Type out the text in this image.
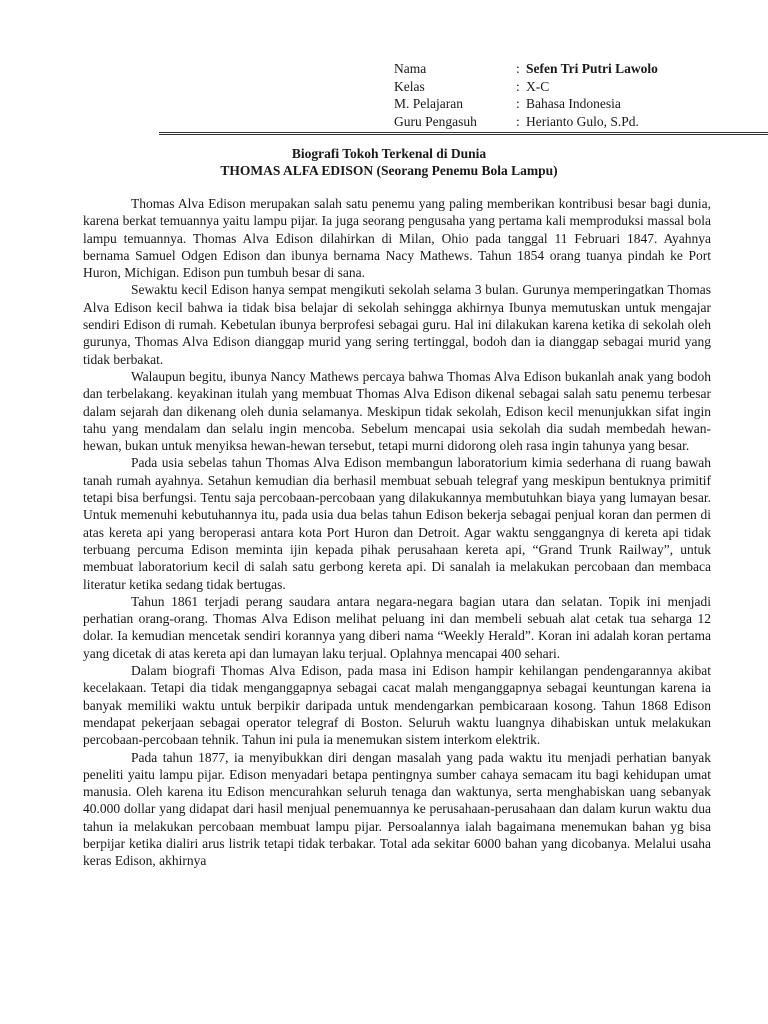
Nama	: Sefen Tri Putri Lawolo
Kelas	: X-C
M. Pelajaran	: Bahasa Indonesia
Guru Pengasuh	: Herianto Gulo, S.Pd.
Biografi Tokoh Terkenal di Dunia
THOMAS ALFA EDISON (Seorang Penemu Bola Lampu)

Thomas Alva Edison merupakan salah satu penemu yang paling memberikan kontribusi besar bagi dunia, karena berkat temuannya yaitu lampu pijar. Ia juga seorang pengusaha yang pertama kali memproduksi massal bola lampu temuannya. Thomas Alva Edison dilahirkan di Milan, Ohio pada tanggal 11 Februari 1847. Ayahnya bernama Samuel Odgen Edison dan ibunya bernama Nacy Mathews. Tahun 1854 orang tuanya pindah ke Port Huron, Michigan. Edison pun tumbuh besar di sana.

Sewaktu kecil Edison hanya sempat mengikuti sekolah selama 3 bulan. Gurunya memperingatkan Thomas Alva Edison kecil bahwa ia tidak bisa belajar di sekolah sehingga akhirnya Ibunya memutuskan untuk mengajar sendiri Edison di rumah. Kebetulan ibunya berprofesi sebagai guru. Hal ini dilakukan karena ketika di sekolah oleh gurunya, Thomas Alva Edison dianggap murid yang sering tertinggal, bodoh dan ia dianggap sebagai murid yang tidak berbakat.

Walaupun begitu, ibunya Nancy Mathews percaya bahwa Thomas Alva Edison bukanlah anak yang bodoh dan terbelakang. keyakinan itulah yang membuat Thomas Alva Edison dikenal sebagai salah satu penemu terbesar dalam sejarah dan dikenang oleh dunia selamanya. Meskipun tidak sekolah, Edison kecil menunjukkan sifat ingin tahu yang mendalam dan selalu ingin mencoba. Sebelum mencapai usia sekolah dia sudah membedah hewan-hewan, bukan untuk menyiksa hewan-hewan tersebut, tetapi murni didorong oleh rasa ingin tahunya yang besar.

Pada usia sebelas tahun Thomas Alva Edison membangun laboratorium kimia sederhana di ruang bawah tanah rumah ayahnya. Setahun kemudian dia berhasil membuat sebuah telegraf yang meskipun bentuknya primitif tetapi bisa berfungsi. Tentu saja percobaan-percobaan yang dilakukannya membutuhkan biaya yang lumayan besar. Untuk memenuhi kebutuhannya itu, pada usia dua belas tahun Edison bekerja sebagai penjual koran dan permen di atas kereta api yang beroperasi antara kota Port Huron dan Detroit. Agar waktu senggangnya di kereta api tidak terbuang percuma Edison meminta ijin kepada pihak perusahaan kereta api, “Grand Trunk Railway”, untuk membuat laboratorium kecil di salah satu gerbong kereta api. Di sanalah ia melakukan percobaan dan membaca literatur ketika sedang tidak bertugas.

Tahun 1861 terjadi perang saudara antara negara-negara bagian utara dan selatan. Topik ini menjadi perhatian orang-orang. Thomas Alva Edison melihat peluang ini dan membeli sebuah alat cetak tua seharga 12 dolar. Ia kemudian mencetak sendiri korannya yang diberi nama “Weekly Herald”. Koran ini adalah koran pertama yang dicetak di atas kereta api dan lumayan laku terjual. Oplahnya mencapai 400 sehari.

Dalam biografi Thomas Alva Edison, pada masa ini Edison hampir kehilangan pendengarannya akibat kecelakaan. Tetapi dia tidak menganggapnya sebagai cacat malah menganggapnya sebagai keuntungan karena ia banyak memiliki waktu untuk berpikir daripada untuk mendengarkan pembicaraan kosong. Tahun 1868 Edison mendapat pekerjaan sebagai operator telegraf di Boston. Seluruh waktu luangnya dihabiskan untuk melakukan percobaan-percobaan tehnik. Tahun ini pula ia menemukan sistem interkom elektrik.

Pada tahun 1877, ia menyibukkan diri dengan masalah yang pada waktu itu menjadi perhatian banyak peneliti yaitu lampu pijar. Edison menyadari betapa pentingnya sumber cahaya semacam itu bagi kehidupan umat manusia. Oleh karena itu Edison mencurahkan seluruh tenaga dan waktunya, serta menghabiskan uang sebanyak 40.000 dollar yang didapat dari hasil menjual penemuannya ke perusahaan-perusahaan dan dalam kurun waktu dua tahun ia melakukan percobaan membuat lampu pijar. Persoalannya ialah bagaimana menemukan bahan yg bisa berpijar ketika dialiri arus listrik tetapi tidak terbakar. Total ada sekitar 6000 bahan yang dicobanya. Melalui usaha keras Edison, akhirnya
